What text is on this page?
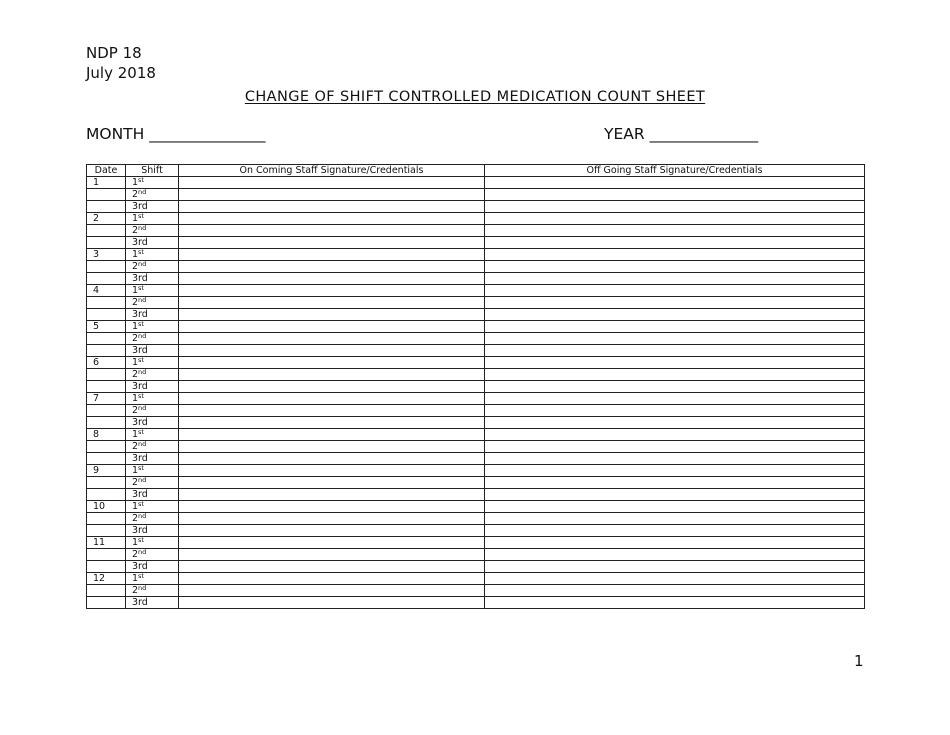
NDP 18
July 2018
CHANGE OF SHIFT CONTROLLED MEDICATION COUNT SHEET
MONTH _______________	YEAR ______________
Date	Shift	On Coming Staff Signature/Credentials	Off Going Staff Signature/Credentials
1	1st		
	2nd		
	3rd		
2	1st		
	2nd		
	3rd		
3	1st		
	2nd		
	3rd		
4	1st		
	2nd		
	3rd		
5	1st		
	2nd		
	3rd		
6	1st		
	2nd		
	3rd		
7	1st		
	2nd		
	3rd		
8	1st		
	2nd		
	3rd		
9	1st		
	2nd		
	3rd		
10	1st		
	2nd		
	3rd		
11	1st		
	2nd		
	3rd		
12	1st		
	2nd		
	3rd		
1
